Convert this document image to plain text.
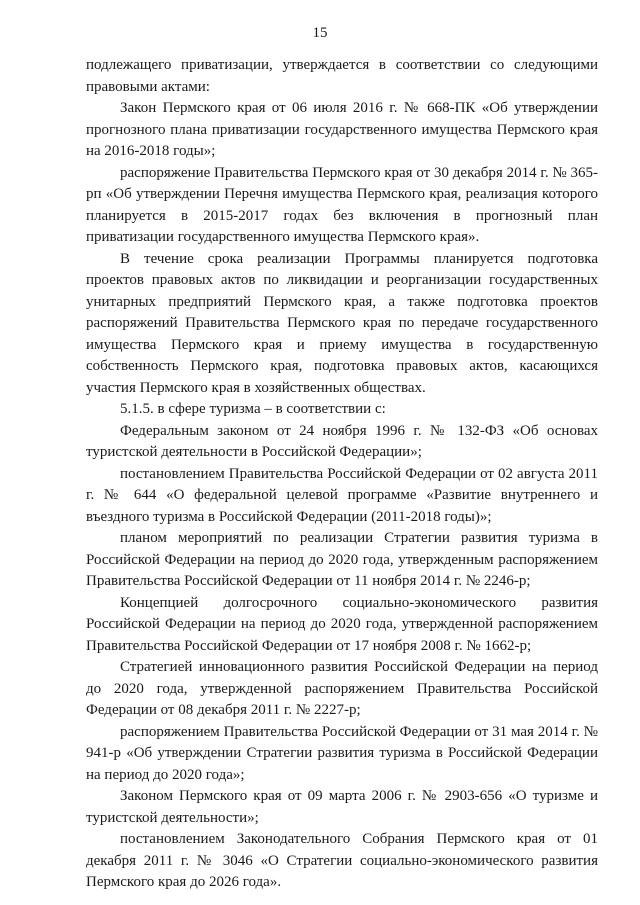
15

подлежащего приватизации, утверждается в соответствии со следующими правовыми актами:

Закон Пермского края от 06 июля 2016 г. № 668-ПК «Об утверждении прогнозного плана приватизации государственного имущества Пермского края на 2016-2018 годы»;

распоряжение Правительства Пермского края от 30 декабря 2014 г. № 365-рп «Об утверждении Перечня имущества Пермского края, реализация которого планируется в 2015-2017 годах без включения в прогнозный план приватизации государственного имущества Пермского края».

В течение срока реализации Программы планируется подготовка проектов правовых актов по ликвидации и реорганизации государственных унитарных предприятий Пермского края, а также подготовка проектов распоряжений Правительства Пермского края по передаче государственного имущества Пермского края и приему имущества в государственную собственность Пермского края, подготовка правовых актов, касающихся участия Пермского края в хозяйственных обществах.

5.1.5. в сфере туризма – в соответствии с:

Федеральным законом от 24 ноября 1996 г. № 132-ФЗ «Об основах туристской деятельности в Российской Федерации»;

постановлением Правительства Российской Федерации от 02 августа 2011 г. № 644 «О федеральной целевой программе «Развитие внутреннего и въездного туризма в Российской Федерации (2011-2018 годы)»;

планом мероприятий по реализации Стратегии развития туризма в Российской Федерации на период до 2020 года, утвержденным распоряжением Правительства Российской Федерации от 11 ноября 2014 г. № 2246-р;

Концепцией долгосрочного социально-экономического развития Российской Федерации на период до 2020 года, утвержденной распоряжением Правительства Российской Федерации от 17 ноября 2008 г. № 1662-р;

Стратегией инновационного развития Российской Федерации на период до 2020 года, утвержденной распоряжением Правительства Российской Федерации от 08 декабря 2011 г. № 2227-р;

распоряжением Правительства Российской Федерации от 31 мая 2014 г. № 941-р «Об утверждении Стратегии развития туризма в Российской Федерации на период до 2020 года»;

Законом Пермского края от 09 марта 2006 г. № 2903-656 «О туризме и туристской деятельности»;

постановлением Законодательного Собрания Пермского края от 01 декабря 2011 г. № 3046 «О Стратегии социально-экономического развития Пермского края до 2026 года».
